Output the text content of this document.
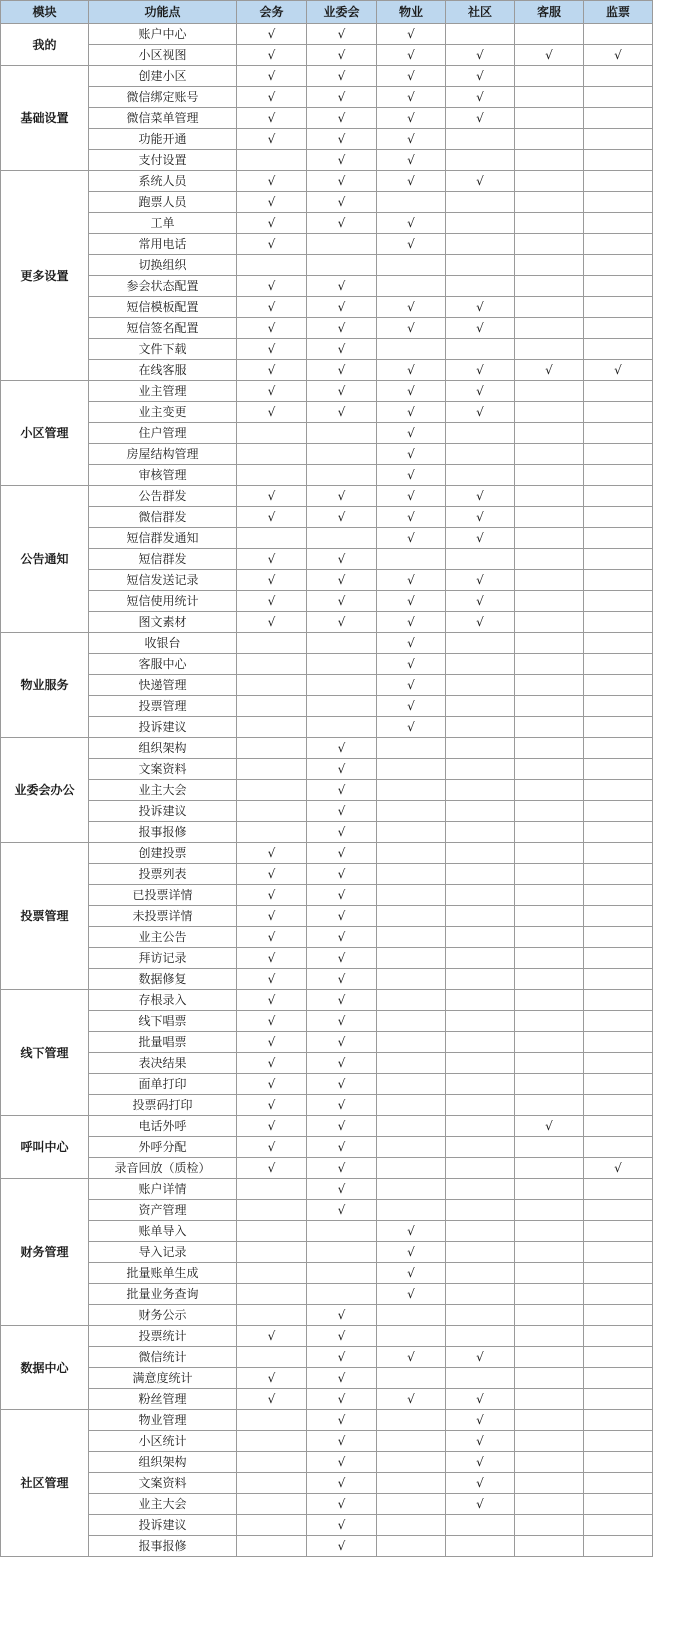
模块	功能点	会务	业委会	物业	社区	客服	监票
我的	账户中心	√	√	√			
	小区视图	√	√	√	√	√	√
基础设置	创建小区	√	√	√	√		
	微信绑定账号	√	√	√	√		
	微信菜单管理	√	√	√	√		
	功能开通	√	√	√			
	支付设置		√	√			
更多设置	系统人员	√	√	√	√		
	跑票人员	√	√				
	工单	√	√	√			
	常用电话	√		√			
	切换组织						
	参会状态配置	√	√				
	短信模板配置	√	√	√	√		
	短信签名配置	√	√	√	√		
	文件下载	√	√				
	在线客服	√	√	√	√	√	√
小区管理	业主管理	√	√	√	√		
	业主变更	√	√	√	√		
	住户管理			√			
	房屋结构管理			√			
	审核管理			√			
公告通知	公告群发	√	√	√	√		
	微信群发	√	√	√	√		
	短信群发通知			√	√		
	短信群发	√	√				
	短信发送记录	√	√	√	√		
	短信使用统计	√	√	√	√		
	图文素材	√	√	√	√		
物业服务	收银台			√			
	客服中心			√			
	快递管理			√			
	投票管理			√			
	投诉建议			√			
业委会办公	组织架构		√				
	文案资料		√				
	业主大会		√				
	投诉建议		√				
	报事报修		√				
投票管理	创建投票	√	√				
	投票列表	√	√				
	已投票详情	√	√				
	未投票详情	√	√				
	业主公告	√	√				
	拜访记录	√	√				
	数据修复	√	√				
线下管理	存根录入	√	√				
	线下唱票	√	√				
	批量唱票	√	√				
	表决结果	√	√				
	面单打印	√	√				
	投票码打印	√	√				
呼叫中心	电话外呼	√	√			√	
	外呼分配	√	√				
	录音回放（质检）	√	√				√
财务管理	账户详情		√				
	资产管理		√				
	账单导入			√			
	导入记录			√			
	批量账单生成			√			
	批量业务查询			√			
	财务公示		√				
数据中心	投票统计	√	√				
	微信统计		√	√	√		
	满意度统计	√	√				
	粉丝管理	√	√	√	√		
社区管理	物业管理		√		√		
	小区统计		√		√		
	组织架构		√		√		
	文案资料		√		√		
	业主大会		√		√		
	投诉建议		√				
	报事报修		√				
